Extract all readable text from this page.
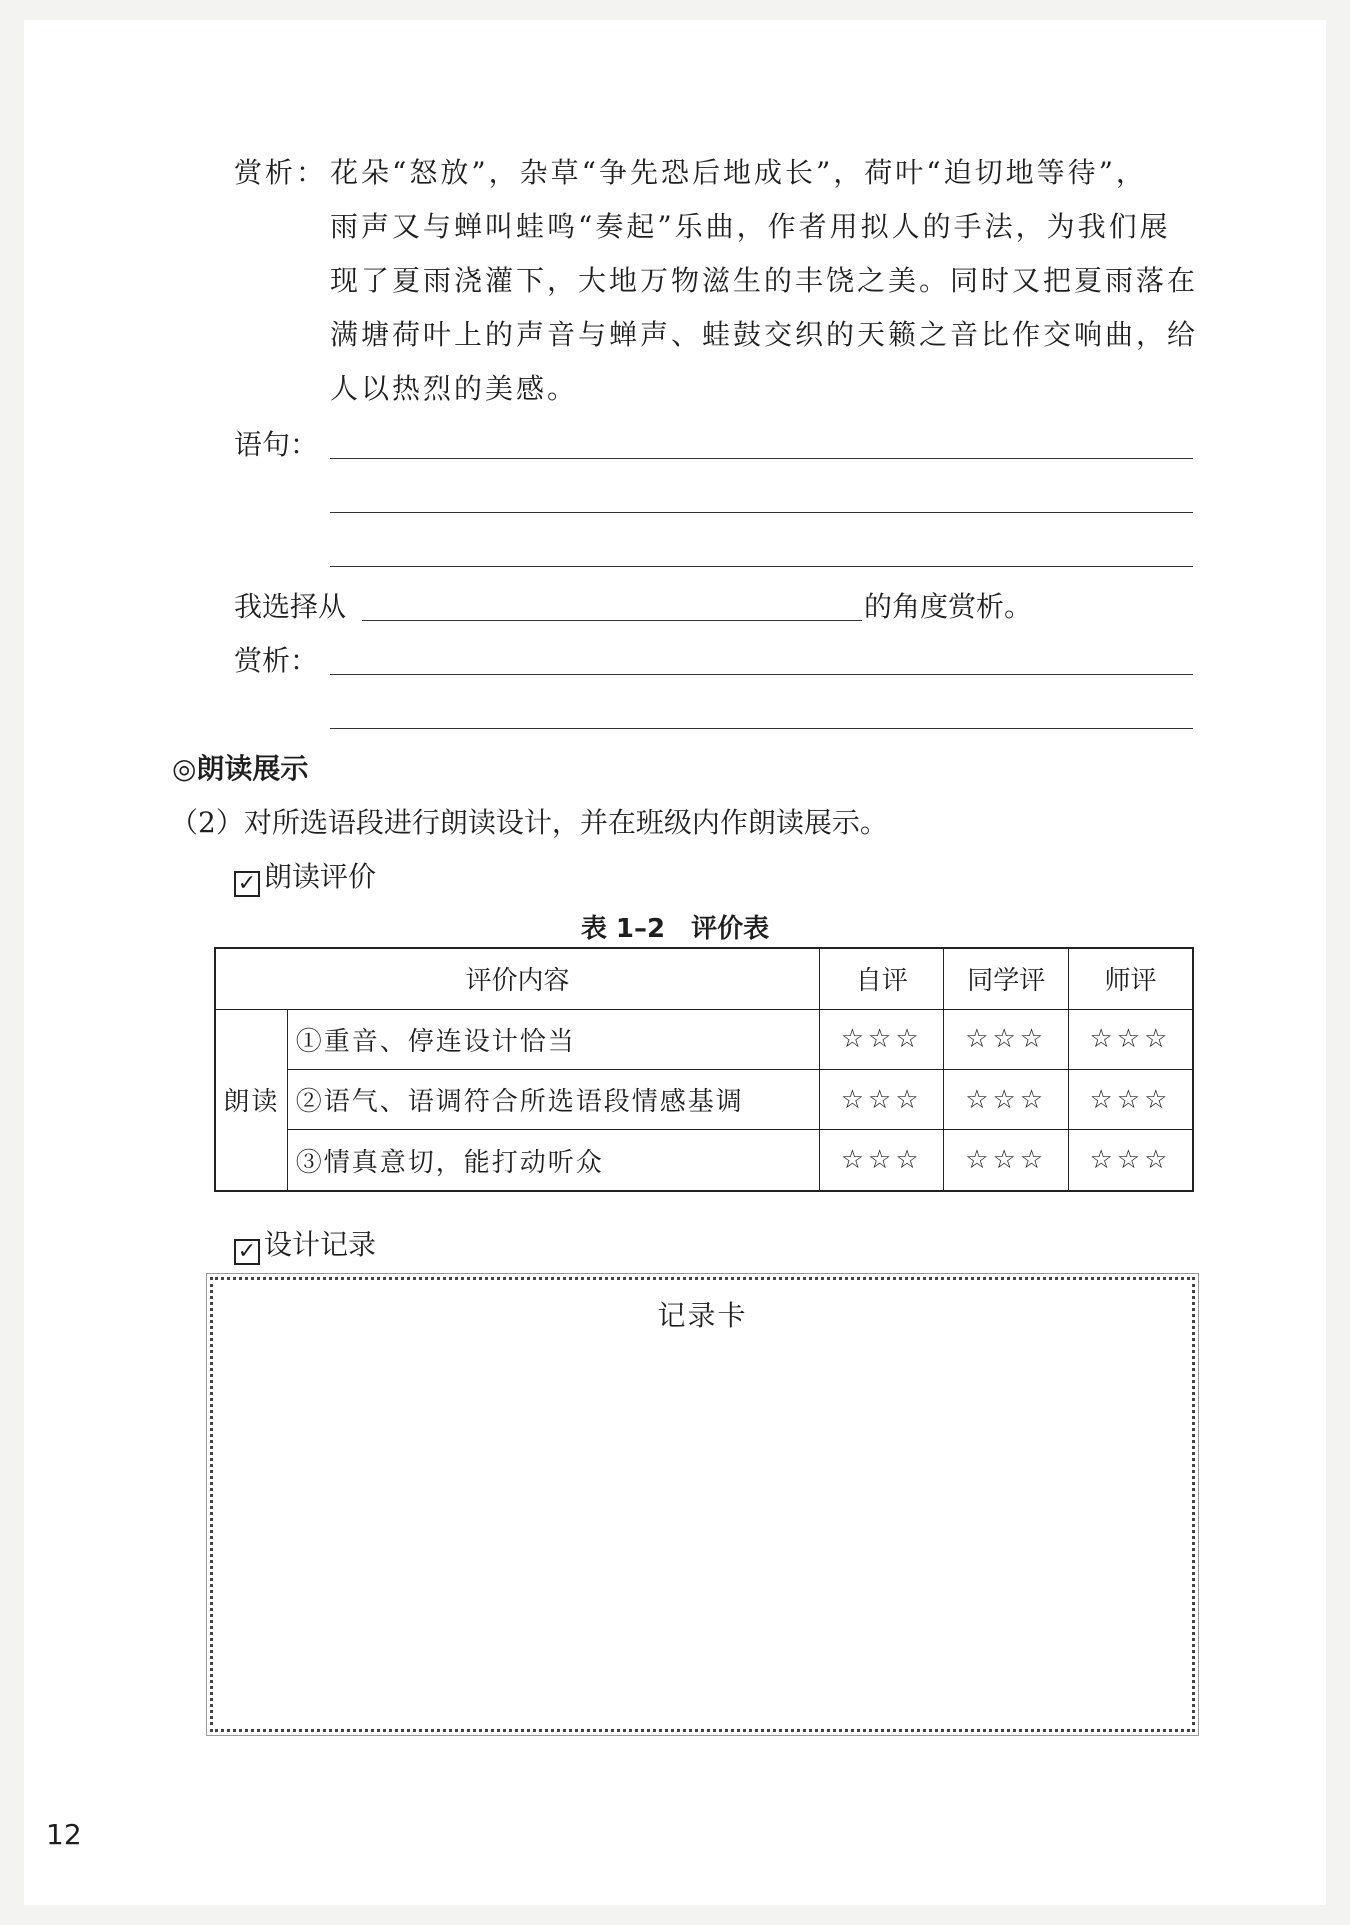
赏析： 花朵“怒放”，杂草“争先恐后地成长”，荷叶“迫切地等待”，
雨声又与蝉叫蛙鸣“奏起”乐曲，作者用拟人的手法，为我们展
现了夏雨浇灌下，大地万物滋生的丰饶之美。同时又把夏雨落在
满塘荷叶上的声音与蝉声、蛙鼓交织的天籁之音比作交响曲，给
人以热烈的美感。
语句：
我选择从	的角度赏析。
赏析：
◎朗读展示
（2）对所选语段进行朗读设计，并在班级内作朗读展示。
✓ 朗读评价
表 1–2　评价表
评价内容		自评	同学评	师评
朗读	①重音、停连设计恰当	☆☆☆	☆☆☆	☆☆☆
	②语气、语调符合所选语段情感基调	☆☆☆	☆☆☆	☆☆☆
	③情真意切，能打动听众	☆☆☆	☆☆☆	☆☆☆
✓ 设计记录
记录卡
12
